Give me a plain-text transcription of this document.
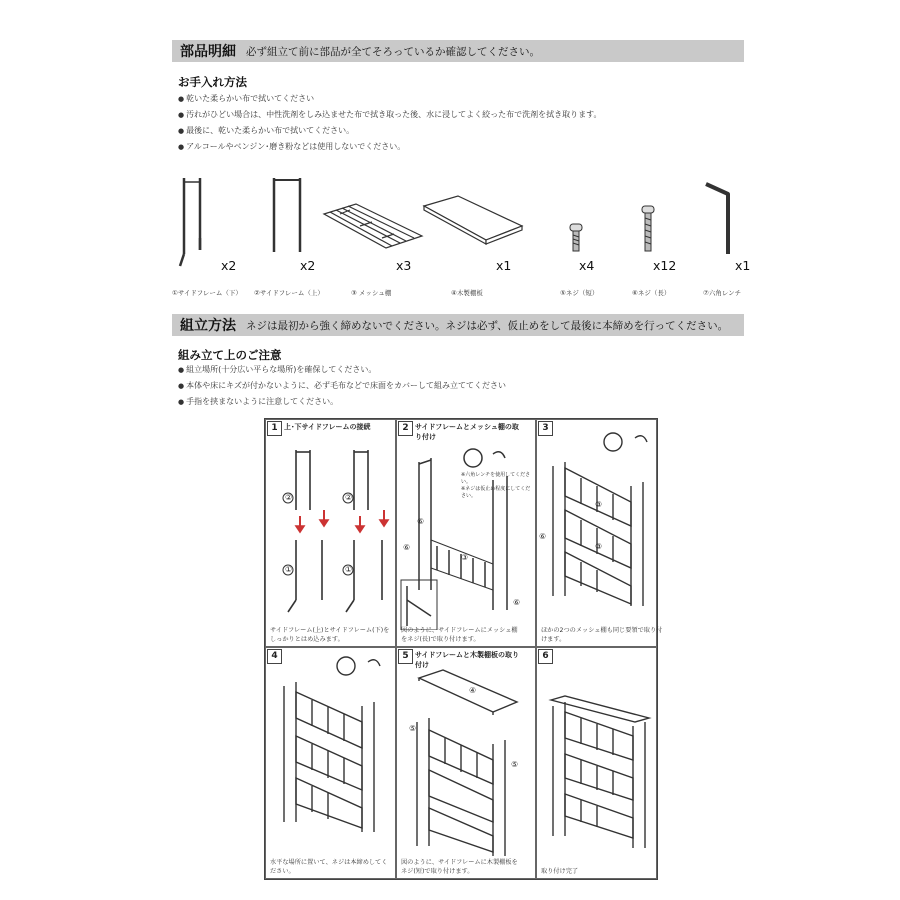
部品明細 必ず組立て前に部品が全てそろっているか確認してください。
お手入れ方法
● 乾いた柔らかい布で拭いてください
● 汚れがひどい場合は、中性洗剤をしみ込ませた布で拭き取った後、水に浸してよく絞った布で洗剤を拭き取ります。
● 最後に、乾いた柔らかい布で拭いてください。
● アルコールやベンジン･磨き粉などは使用しないでください。
x2	x2	x3	x1	x4	x12	x1
①サイドフレーム（下） ②サイドフレーム（上）	③ メッシュ棚	④木製棚板	⑤ネジ（短）	⑥ネジ（長）	⑦六角レンチ
組立方法 ネジは最初から強く締めないでください。ネジは必ず、仮止めをして最後に本締めを行ってください。
組み立て上のご注意
● 組立場所(十分広い平らな場所)を確保してください。
● 本体や床にキズが付かないように、必ず毛布などで床面をカバーして組み立ててください
● 手指を挟まないように注意してください。
1 上･下サイドフレームの接続
②	②
①	①
サイドフレーム(上)とサイドフレーム(下)をしっかりとはめ込みます。
2 サイドフレームとメッシュ棚の取り付け
※六角レンチを使用してください。
※ネジは仮止め程度にしてください。
⑥
⑥
③
⑥
図のように、サイドフレームにメッシュ棚をネジ(長)で取り付けます。
3
③
③
⑥
ほかの2つのメッシュ棚も同じ要領で取り付けます。
4
水平な場所に置いて、ネジは本締めしてください。
5 サイドフレームと木製棚板の取り付け
④
⑤
⑤
図のように、サイドフレームに木製棚板をネジ(短)で取り付けます。
6
取り付け完了
